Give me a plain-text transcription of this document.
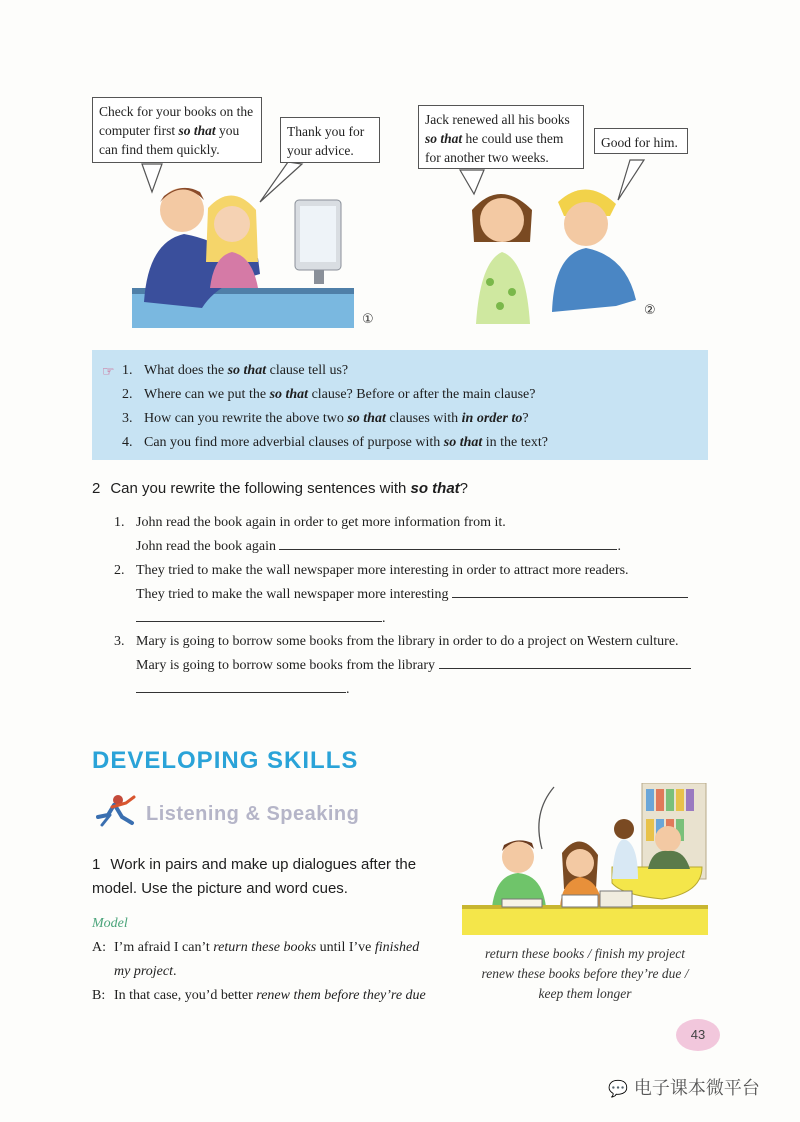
Check for your books on the
computer first so that you
can find them quickly.
Thank you for
your advice.
①
Jack renewed all his books
so that he could use them
for another two weeks.
Good for him.
②
☞ 1. What does the so that clause tell us?
2. Where can we put the so that clause? Before or after the main clause?
3. How can you rewrite the above two so that clauses with in order to?
4. Can you find more adverbial clauses of purpose with so that in the text?
2 Can you rewrite the following sentences with so that?
1. John read the book again in order to get more information from it.
John read the book again	.
2. They tried to make the wall newspaper more interesting in order to attract more readers.
They tried to make the wall newspaper more interesting
.
3. Mary is going to borrow some books from the library in order to do a project on Western culture.
Mary is going to borrow some books from the library
.
DEVELOPING SKILLS
Listening & Speaking
1 Work in pairs and make up dialogues after the
model. Use the picture and word cues.
Model
A: I’m afraid I can’t return these books until I’ve finished
my project.
B: In that case, you’d better renew them before they’re due
return these books / finish my project
renew these books before they’re due /
keep them longer
43
💬 电子课本微平台
